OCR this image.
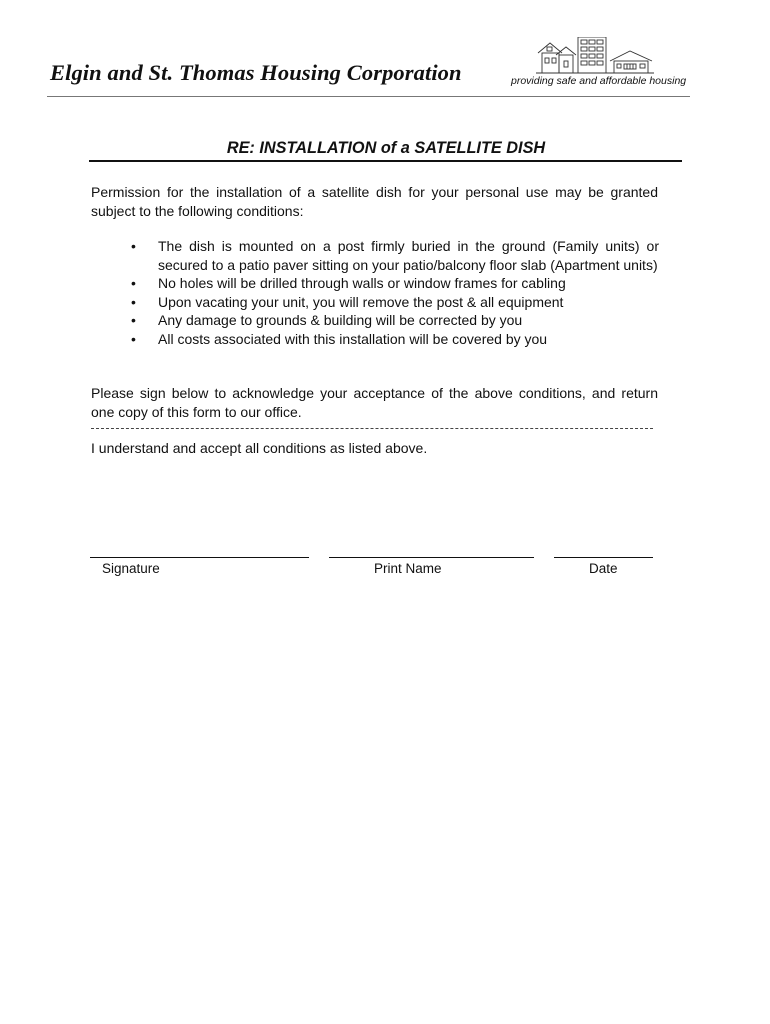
Elgin and St. Thomas Housing Corporation	providing safe and affordable housing
RE: INSTALLATION of a SATELLITE DISH

Permission for the installation of a satellite dish for your personal use may be granted subject to the following conditions:

• The dish is mounted on a post firmly buried in the ground (Family units) or secured to a patio paver sitting on your patio/balcony floor slab (Apartment units)
• No holes will be drilled through walls or window frames for cabling
• Upon vacating your unit, you will remove the post & all equipment
• Any damage to grounds & building will be corrected by you
• All costs associated with this installation will be covered by you

Please sign below to acknowledge your acceptance of the above conditions, and return one copy of this form to our office.

I understand and accept all conditions as listed above.
Signature	Print Name	Date
